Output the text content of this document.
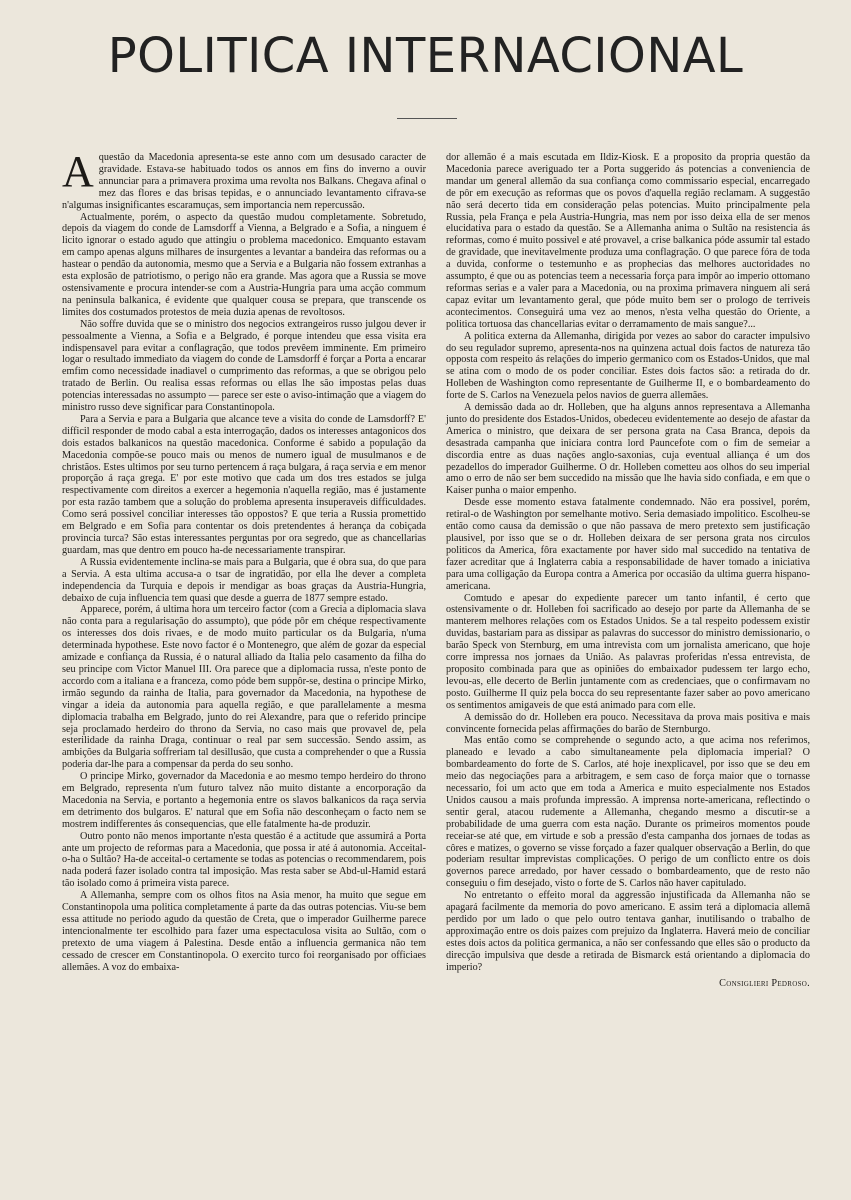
POLITICA INTERNACIONAL

Aquestão da Macedonia apresenta-se este anno com um desusado caracter de gravidade. Estava-se habituado todos os annos em fins do inverno a ouvir annunciar para a primavera proxima uma revolta nos Balkans. Chegava afinal o mez das flores e das brisas tepidas, e o annunciado levantamento cifrava-se n'algumas insignificantes escaramuças, sem importancia nem repercussão.

Actualmente, porém, o aspecto da questão mudou completamente. Sobretudo, depois da viagem do conde de Lamsdorff a Vienna, a Belgrado e a Sofia, a ninguem é licito ignorar o estado agudo que attingiu o problema macedonico. Emquanto estavam em campo apenas alguns milhares de insurgentes a levantar a bandeira das reformas ou a hastear o pendão da autonomia, mesmo que a Servia e a Bulgaria não fossem extranhas a esta explosão de patriotismo, o perigo não era grande. Mas agora que a Russia se move ostensivamente e procura intender-se com a Austria-Hungria para uma acção commum na peninsula balkanica, é evidente que qualquer cousa se prepara, que transcende os limites dos costumados protestos de meia duzia apenas de revoltosos.

Não soffre duvida que se o ministro dos negocios extrangeiros russo julgou dever ir pessoalmente a Vienna, a Sofia e a Belgrado, é porque intendeu que essa visita era indispensavel para evitar a conflagração, que todos prevêem imminente. Em primeiro logar o resultado immediato da viagem do conde de Lamsdorff é forçar a Porta a encarar emfim como necessidade inadiavel o cumprimento das reformas, a que se obrigou pelo tratado de Berlin. Ou realisa essas reformas ou ellas lhe são impostas pelas duas potencias interessadas no assumpto — parece ser este o aviso-intimação que a viagem do ministro russo deve significar para Constantinopola.

Para a Servia e para a Bulgaria que alcance teve a visita do conde de Lamsdorff? E' difficil responder de modo cabal a esta interrogação, dados os interesses antagonicos dos dois estados balkanicos na questão macedonica. Conforme é sabido a população da Macedonia compõe-se pouco mais ou menos de numero igual de musulmanos e de christãos. Estes ultimos por seu turno pertencem á raça bulgara, á raça servia e em menor proporção á raça grega. E' por este motivo que cada um dos tres estados se julga respectivamente com direitos a exercer a hegemonia n'aquella região, mas é justamente por esta razão tambem que a solução do problema apresenta insuperaveis difficuldades. Como será possivel conciliar interesses tão oppostos? E que teria a Russia promettido em Belgrado e em Sofia para contentar os dois pretendentes á herança da cobiçada provincia turca? São estas interessantes perguntas por ora segredo, que as chancellarias guardam, mas que dentro em pouco ha-de necessariamente transpirar.

A Russia evidentemente inclina-se mais para a Bulgaria, que é obra sua, do que para a Servia. A esta ultima accusa-a o tsar de ingratidão, por ella lhe dever a completa independencia da Turquia e depois ir mendigar as boas graças da Austria-Hungria, debaixo de cuja influencia tem quasi que desde a guerra de 1877 sempre estado.

Apparece, porém, á ultima hora um terceiro factor (com a Grecia a diplomacia slava não conta para a regularisação do assumpto), que póde pôr em chéque respectivamente os interesses dos dois rivaes, e de modo muito particular os da Bulgaria, n'uma determinada hypothese. Este novo factor é o Montenegro, que além de gozar da especial amizade e confiança da Russia, é o natural alliado da Italia pelo casamento da filha do seu principe com Victor Manuel III. Ora parece que a diplomacia russa, n'este ponto de accordo com a italiana e a franceza, como póde bem suppôr-se, destina o principe Mirko, irmão segundo da rainha de Italia, para governador da Macedonia, na hypothese de vingar a ideia da autonomia para aquella região, e que parallelamente a mesma diplomacia trabalha em Belgrado, junto do rei Alexandre, para que o referido principe seja proclamado herdeiro do throno da Servia, no caso mais que provavel de, pela esterilidade da rainha Draga, continuar o real par sem successão. Sendo assim, as ambições da Bulgaria soffreriam tal desillusão, que custa a comprehender o que a Russia poderia dar-lhe para a compensar da perda do seu sonho.

O principe Mirko, governador da Macedonia e ao mesmo tempo herdeiro do throno em Belgrado, representa n'um futuro talvez não muito distante a encorporação da Macedonia na Servia, e portanto a hegemonia entre os slavos balkanicos da raça servia em detrimento dos bulgaros. E' natural que em Sofia não desconheçam o facto nem se mostrem indifferentes ás consequencias, que elle fatalmente ha-de produzir.

Outro ponto não menos importante n'esta questão é a actitude que assumirá a Porta ante um projecto de reformas para a Macedonia, que possa ir até á autonomia. Acceital-o-ha o Sultão? Ha-de acceital-o certamente se todas as potencias o recommendarem, pois nada poderá fazer isolado contra tal imposição. Mas resta saber se Abd-ul-Hamid estará tão isolado como á primeira vista parece.

A Allemanha, sempre com os olhos fitos na Asia menor, ha muito que segue em Constantinopola uma politica completamente á parte da das outras potencias. Viu-se bem essa attitude no periodo agudo da questão de Creta, que o imperador Guilherme parece intencionalmente ter escolhido para fazer uma espectaculosa visita ao Sultão, com o pretexto de uma viagem á Palestina. Desde então a influencia germanica não tem cessado de crescer em Constantinopola. O exercito turco foi reorganisado por officiaes allemães. A voz do embaixa-

dor allemão é a mais escutada em Ildiz-Kiosk. E a proposito da propria questão da Macedonia parece averiguado ter a Porta suggerido ás potencias a conveniencia de mandar um general allemão da sua confiança como commissario especial, encarregado de pôr em execução as reformas que os povos d'aquella região reclamam. A suggestão não será decerto tida em consideração pelas potencias. Muito principalmente pela Russia, pela França e pela Austria-Hungria, mas nem por isso deixa ella de ser menos elucidativa para o estado da questão. Se a Allemanha anima o Sultão na resistencia ás reformas, como é muito possivel e até provavel, a crise balkanica póde assumir tal estado de gravidade, que inevitavelmente produza uma conflagração. O que parece fóra de toda a duvida, conforme o testemunho e as prophecias das melhores auctoridades no assumpto, é que ou as potencias teem a necessaria força para impôr ao imperio ottomano reformas serias e a valer para a Macedonia, ou na proxima primavera ninguem ali será capaz evitar um levantamento geral, que póde muito bem ser o prologo de terriveis acontecimentos. Conseguirá uma vez ao menos, n'esta velha questão do Oriente, a politica tortuosa das chancellarias evitar o derramamento de mais sangue?...

A politica externa da Allemanha, dirigida por vezes ao sabor do caracter impulsivo do seu regulador supremo, apresenta-nos na quinzena actual dois factos de natureza tão opposta com respeito ás relações do imperio germanico com os Estados-Unidos, que mal se atina com o modo de os poder conciliar. Estes dois factos são: a retirada do dr. Holleben de Washington como representante de Guilherme II, e o bombardeamento do forte de S. Carlos na Venezuela pelos navios de guerra allemães.

A demissão dada ao dr. Holleben, que ha alguns annos representava a Allemanha junto do presidente dos Estados-Unidos, obedeceu evidentemente ao desejo de afastar da America o ministro, que deixara de ser persona grata na Casa Branca, depois da desastrada campanha que iniciara contra lord Pauncefote com o fim de semeiar a discordia entre as duas nações anglo-saxonias, cuja eventual alliança é um dos pezadellos do imperador Guilherme. O dr. Holleben cometteu aos olhos do seu imperial amo o erro de não ser bem succedido na missão que lhe havia sido confiada, e em que o Kaiser punha o maior empenho.

Desde esse momento estava fatalmente condemnado. Não era possivel, porém, retiral-o de Washington por semelhante motivo. Seria demasiado impolitico. Escolheu-se então como causa da demissão o que não passava de mero pretexto sem justificação plausivel, por isso que se o dr. Holleben deixara de ser persona grata nos circulos politicos da America, fôra exactamente por haver sido mal succedido na tentativa de fazer acreditar que á Inglaterra cabia a responsabilidade de haver tomado a iniciativa para uma colligação da Europa contra a America por occasião da ultima guerra hispano-americana.

Comtudo e apesar do expediente parecer um tanto infantil, é certo que ostensivamente o dr. Holleben foi sacrificado ao desejo por parte da Allemanha de se manterem melhores relações com os Estados Unidos. Se a tal respeito podessem existir duvidas, bastariam para as dissipar as palavras do successor do ministro demissionario, o barão Speck von Sternburg, em uma intrevista com um jornalista americano, que hoje corre impressa nos jornaes da União. As palavras proferidas n'essa entrevista, de proposito combinada para que as opiniões do embaixador pudessem ter largo echo, levou-as, elle decerto de Berlin juntamente com as credenciaes, que o confirmavam no posto. Guilherme II quiz pela bocca do seu representante fazer saber ao povo americano os sentimentos amigaveis de que está animado para com elle.

A demissão do dr. Holleben era pouco. Necessitava da prova mais positiva e mais convincente fornecida pelas affirmações do barão de Sternburgo.

Mas então como se comprehende o segundo acto, a que acima nos referimos, planeado e levado a cabo simultaneamente pela diplomacia imperial? O bombardeamento do forte de S. Carlos, até hoje inexplicavel, por isso que se deu em meio das negociações para a arbitragem, e sem caso de força maior que o tornasse necessario, foi um acto que em toda a America e muito especialmente nos Estados Unidos causou a mais profunda impressão. A imprensa norte-americana, reflectindo o sentir geral, atacou rudemente a Allemanha, chegando mesmo a discutir-se a probabilidade de uma guerra com esta nação. Durante os primeiros momentos poude receiar-se até que, em virtude e sob a pressão d'esta campanha dos jornaes de todas as côres e matizes, o governo se visse forçado a fazer qualquer observação a Berlin, do que poderiam resultar imprevistas complicações. O perigo de um conflicto entre os dois governos parece arredado, por haver cessado o bombardeamento, que de resto não conseguiu o fim desejado, visto o forte de S. Carlos não haver capitulado.

No entretanto o effeito moral da aggressão injustificada da Allemanha não se apagará facilmente da memoria do povo americano. E assim terá a diplomacia allemã perdido por um lado o que pelo outro tentava ganhar, inutilisando o trabalho de approximação entre os dois paizes com prejuizo da Inglaterra. Haverá meio de conciliar estes dois actos da politica germanica, a não ser confessando que elles são o producto da direcção impulsiva que desde a retirada de Bismarck está orientando a diplomacia do imperio?

Consiglieri Pedroso.
